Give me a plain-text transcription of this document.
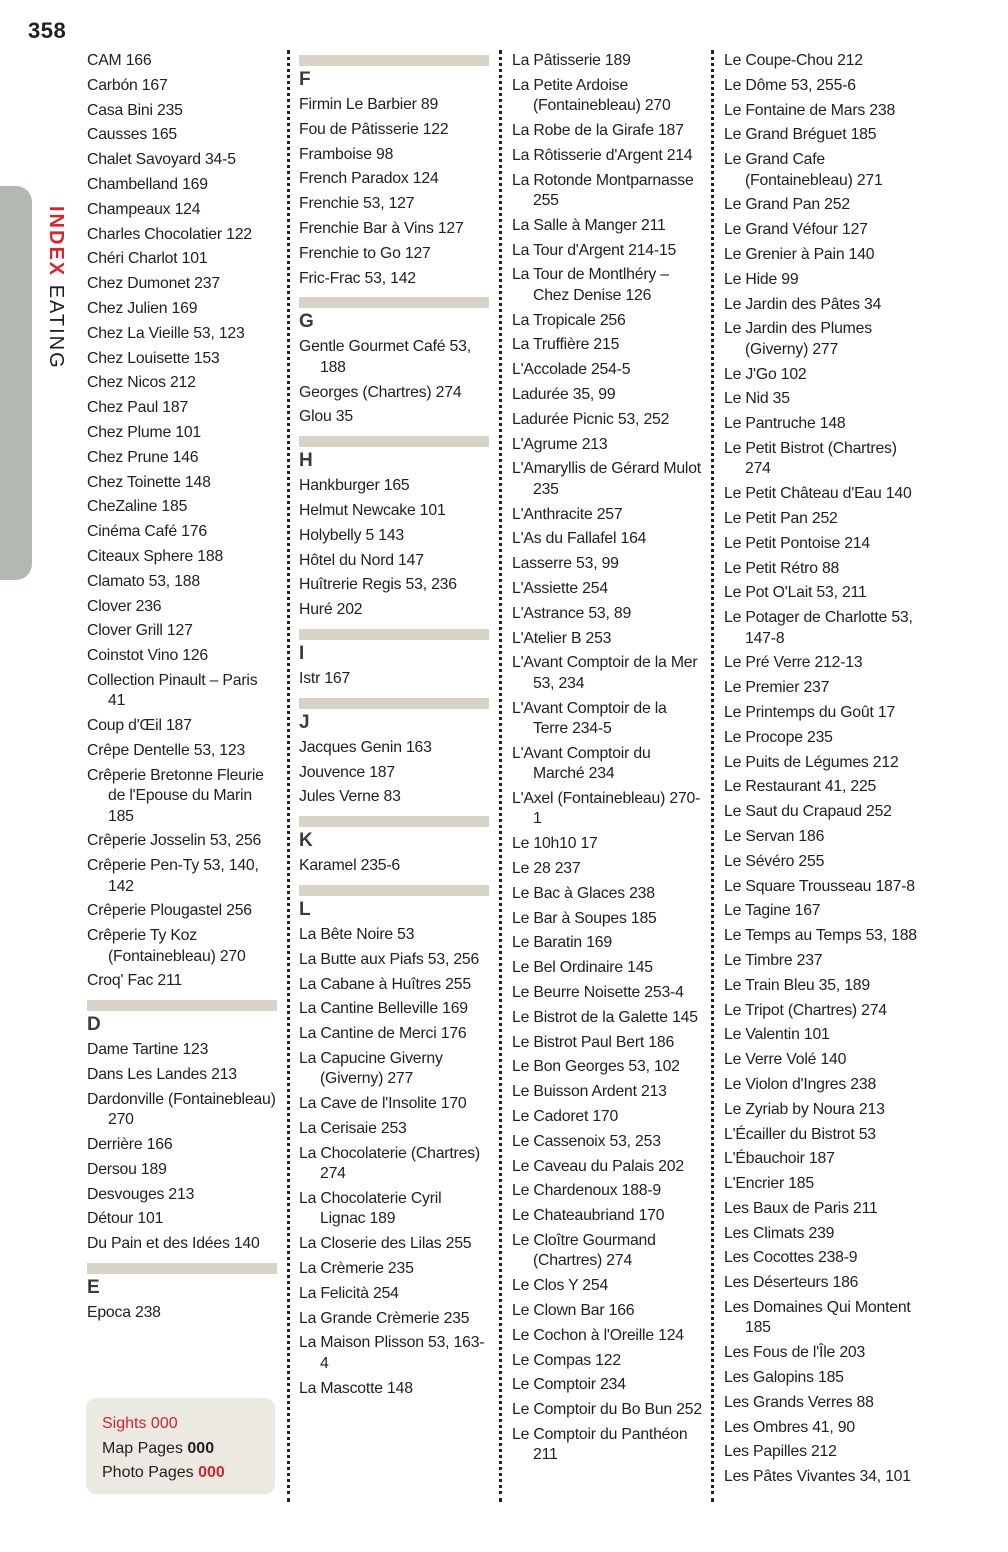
358
INDEX EATING
CAM 166
Carbón 167
Casa Bini 235
Causses 165
Chalet Savoyard 34-5
Chambelland 169
Champeaux 124
Charles Chocolatier 122
Chéri Charlot 101
Chez Dumonet 237
Chez Julien 169
Chez La Vieille 53, 123
Chez Louisette 153
Chez Nicos 212
Chez Paul 187
Chez Plume 101
Chez Prune 146
Chez Toinette 148
CheZaline 185
Cinéma Café 176
Citeaux Sphere 188
Clamato 53, 188
Clover 236
Clover Grill 127
Coinstot Vino 126
Collection Pinault – Paris 41
Coup d'Œil 187
Crêpe Dentelle 53, 123
Crêperie Bretonne Fleurie de l'Epouse du Marin 185
Crêperie Josselin 53, 256
Crêperie Pen-Ty 53, 140, 142
Crêperie Plougastel 256
Crêperie Ty Koz (Fontainebleau) 270
Croq' Fac 211
D
Dame Tartine 123
Dans Les Landes 213
Dardonville (Fontainebleau) 270
Derrière 166
Dersou 189
Desvouges 213
Détour 101
Du Pain et des Idées 140
E
Epoca 238
F
Firmin Le Barbier 89
Fou de Pâtisserie 122
Framboise 98
French Paradox 124
Frenchie 53, 127
Frenchie Bar à Vins 127
Frenchie to Go 127
Fric-Frac 53, 142
G
Gentle Gourmet Café 53, 188
Georges (Chartres) 274
Glou 35
H
Hankburger 165
Helmut Newcake 101
Holybelly 5 143
Hôtel du Nord 147
Huîtrerie Regis 53, 236
Huré 202
I
Istr 167
J
Jacques Genin 163
Jouvence 187
Jules Verne 83
K
Karamel 235-6
L
La Bête Noire 53
La Butte aux Piafs 53, 256
La Cabane à Huîtres 255
La Cantine Belleville 169
La Cantine de Merci 176
La Capucine Giverny (Giverny) 277
La Cave de l'Insolite 170
La Cerisaie 253
La Chocolaterie (Chartres) 274
La Chocolaterie Cyril Lignac 189
La Closerie des Lilas 255
La Crèmerie 235
La Felicità 254
La Grande Crèmerie 235
La Maison Plisson 53, 163-4
La Mascotte 148
La Pâtisserie 189
La Petite Ardoise (Fontainebleau) 270
La Robe de la Girafe 187
La Rôtisserie d'Argent 214
La Rotonde Montparnasse 255
La Salle à Manger 211
La Tour d'Argent 214-15
La Tour de Montlhéry – Chez Denise 126
La Tropicale 256
La Truffière 215
L'Accolade 254-5
Ladurée 35, 99
Ladurée Picnic 53, 252
L'Agrume 213
L'Amaryllis de Gérard Mulot 235
L'Anthracite 257
L'As du Fallafel 164
Lasserre 53, 99
L'Assiette 254
L'Astrance 53, 89
L'Atelier B 253
L'Avant Comptoir de la Mer 53, 234
L'Avant Comptoir de la Terre 234-5
L'Avant Comptoir du Marché 234
L'Axel (Fontainebleau) 270-1
Le 10h10 17
Le 28 237
Le Bac à Glaces 238
Le Bar à Soupes 185
Le Baratin 169
Le Bel Ordinaire 145
Le Beurre Noisette 253-4
Le Bistrot de la Galette 145
Le Bistrot Paul Bert 186
Le Bon Georges 53, 102
Le Buisson Ardent 213
Le Cadoret 170
Le Cassenoix 53, 253
Le Caveau du Palais 202
Le Chardenoux 188-9
Le Chateaubriand 170
Le Cloître Gourmand (Chartres) 274
Le Clos Y 254
Le Clown Bar 166
Le Cochon à l'Oreille 124
Le Compas 122
Le Comptoir 234
Le Comptoir du Bo Bun 252
Le Comptoir du Panthéon 211
Le Coupe-Chou 212
Le Dôme 53, 255-6
Le Fontaine de Mars 238
Le Grand Bréguet 185
Le Grand Cafe (Fontainebleau) 271
Le Grand Pan 252
Le Grand Véfour 127
Le Grenier à Pain 140
Le Hide 99
Le Jardin des Pâtes 34
Le Jardin des Plumes (Giverny) 277
Le J'Go 102
Le Nid 35
Le Pantruche 148
Le Petit Bistrot (Chartres) 274
Le Petit Château d'Eau 140
Le Petit Pan 252
Le Petit Pontoise 214
Le Petit Rétro 88
Le Pot O'Lait 53, 211
Le Potager de Charlotte 53, 147-8
Le Pré Verre 212-13
Le Premier 237
Le Printemps du Goût 17
Le Procope 235
Le Puits de Légumes 212
Le Restaurant 41, 225
Le Saut du Crapaud 252
Le Servan 186
Le Sévéro 255
Le Square Trousseau 187-8
Le Tagine 167
Le Temps au Temps 53, 188
Le Timbre 237
Le Train Bleu 35, 189
Le Tripot (Chartres) 274
Le Valentin 101
Le Verre Volé 140
Le Violon d'Ingres 238
Le Zyriab by Noura 213
L'Écailler du Bistrot 53
L'Ébauchoir 187
L'Encrier 185
Les Baux de Paris 211
Les Climats 239
Les Cocottes 238-9
Les Déserteurs 186
Les Domaines Qui Montent 185
Les Fous de l'Île 203
Les Galopins 185
Les Grands Verres 88
Les Ombres 41, 90
Les Papilles 212
Les Pâtes Vivantes 34, 101
Sights 000
Map Pages 000
Photo Pages 000
